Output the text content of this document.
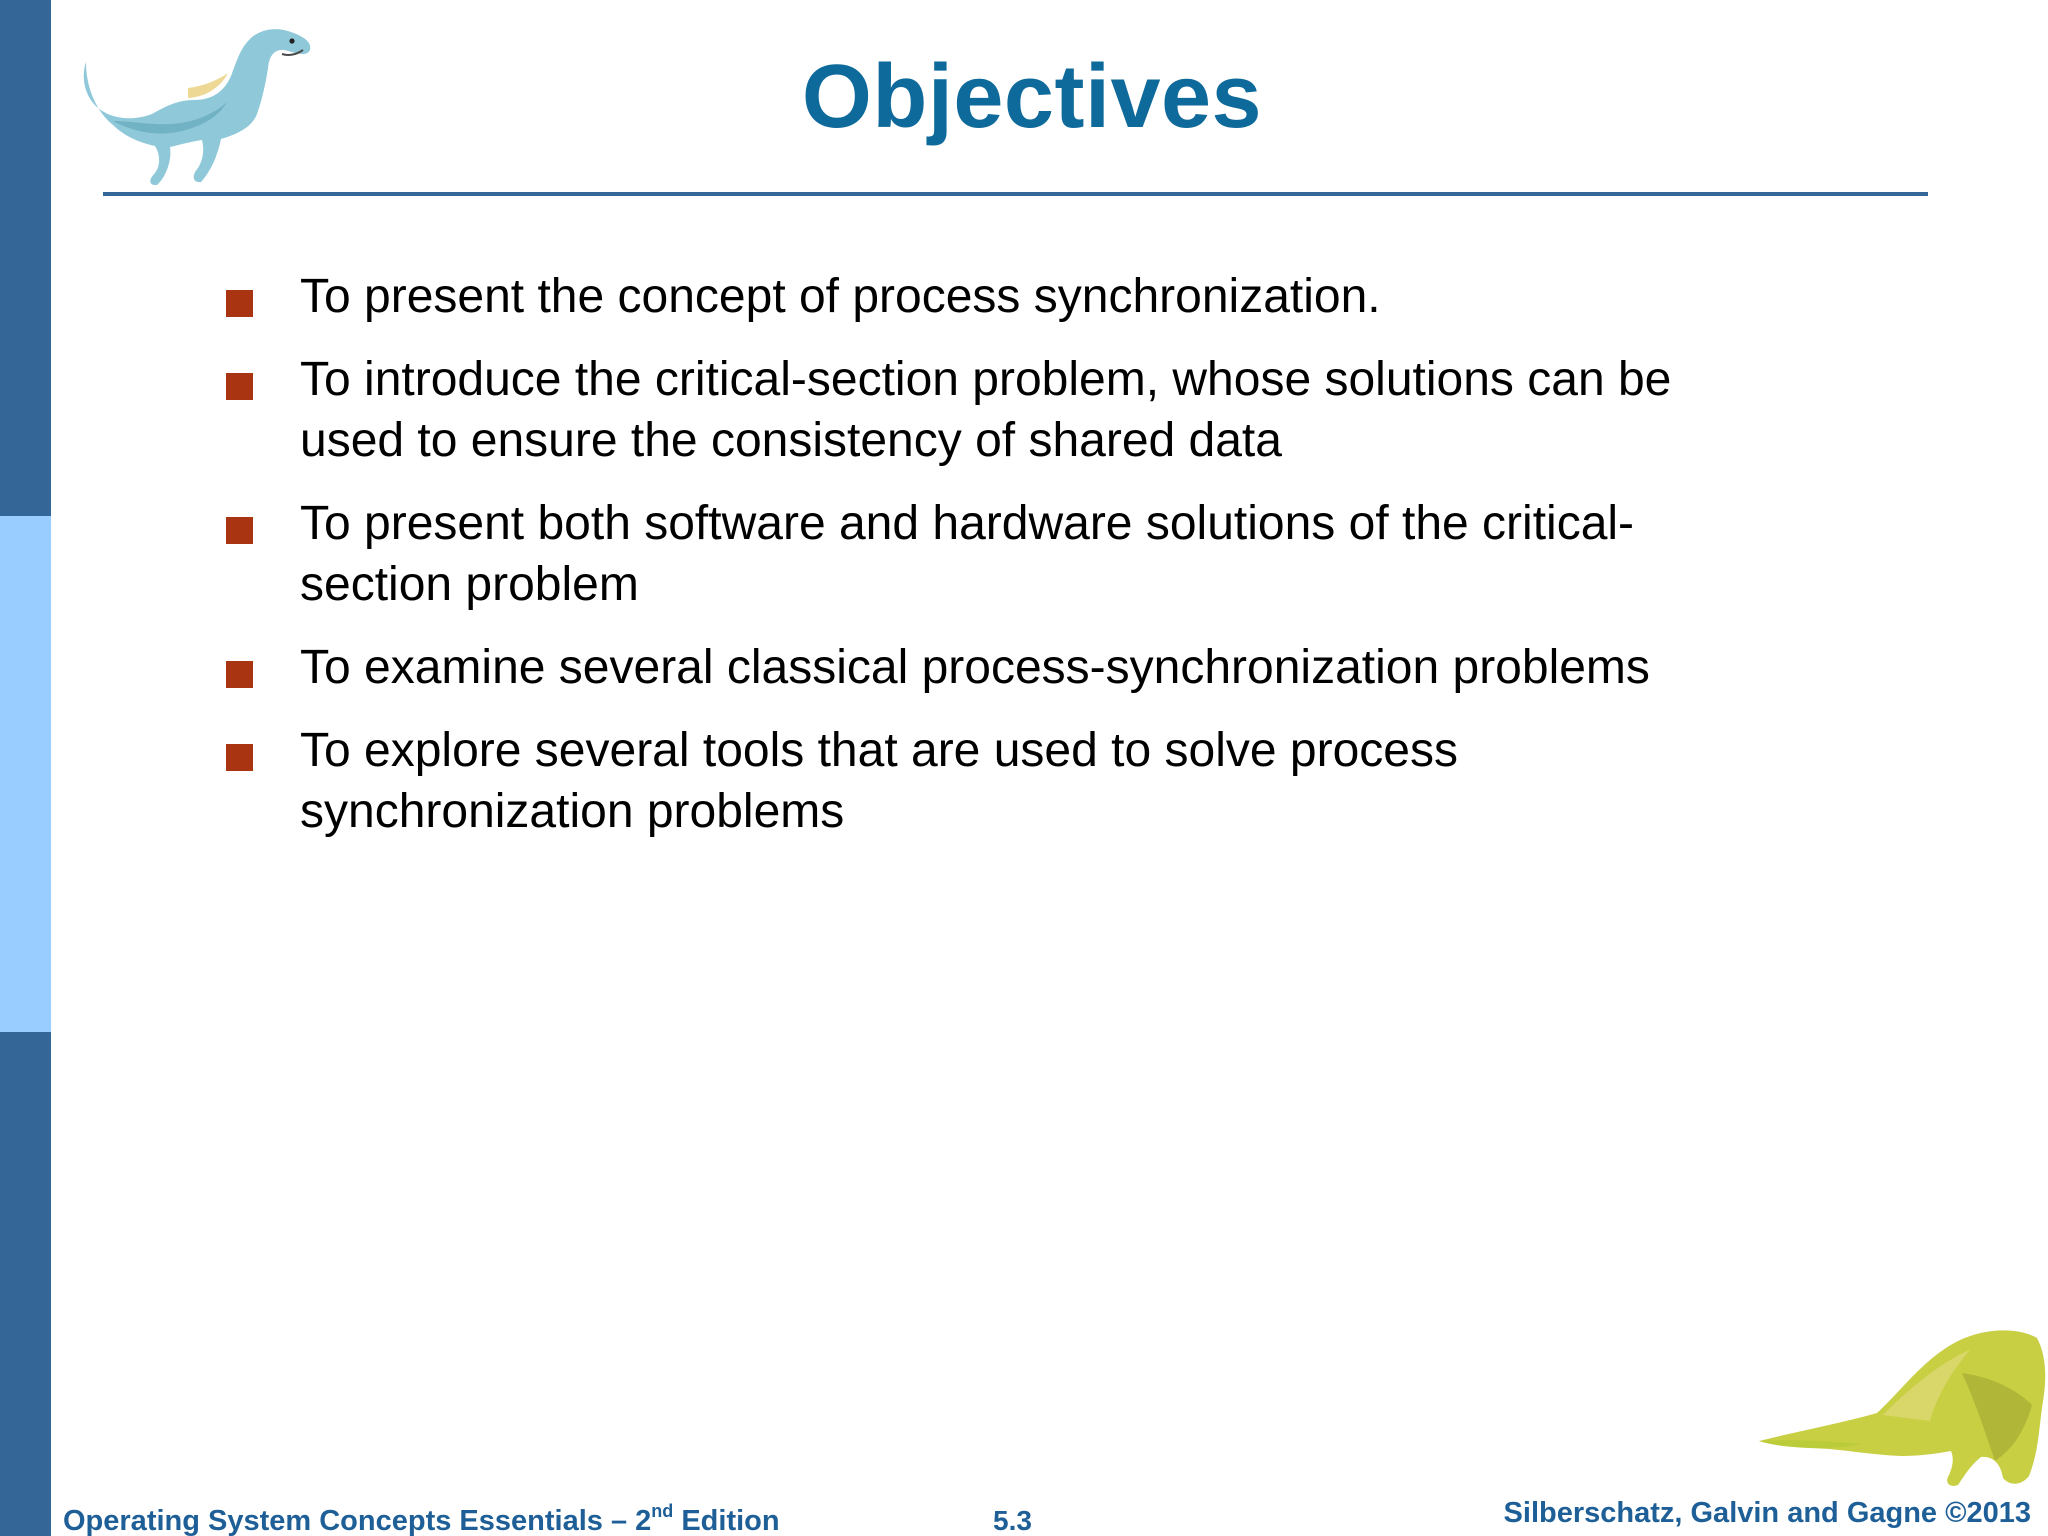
Objectives
To present the concept of process synchronization.
To introduce the critical-section problem, whose solutions can be used to ensure the consistency of shared data
To present both software and hardware solutions of the critical-section problem
To examine several classical process-synchronization problems
To explore several tools that are used to solve process synchronization problems
Operating System Concepts Essentials – 2nd Edition	5.3	Silberschatz, Galvin and Gagne ©2013
